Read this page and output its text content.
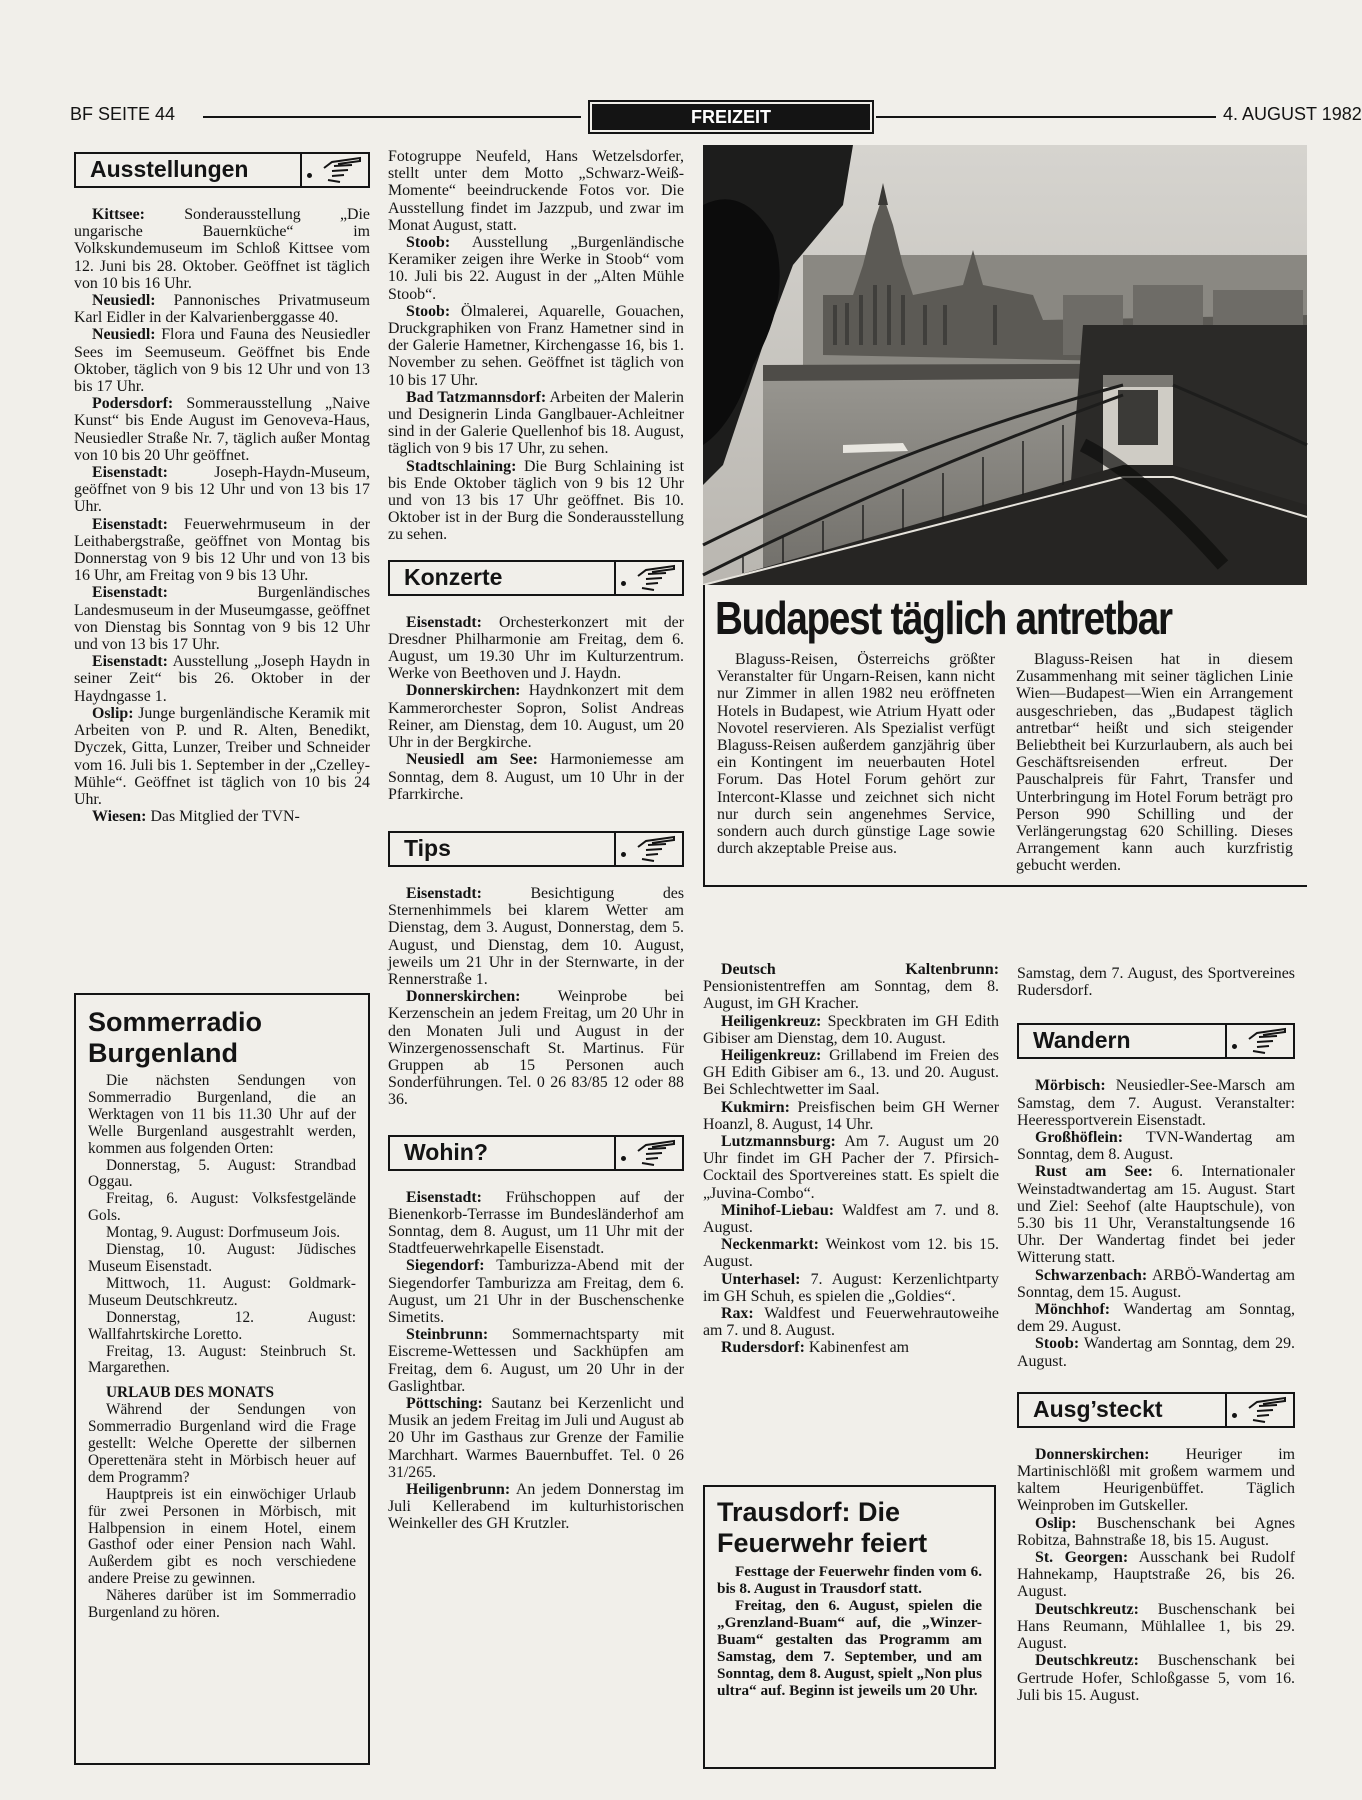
BF SEITE 44	FREIZEIT	4. AUGUST 1982
Ausstellungen

Kittsee: Sonderausstellung „Die ungarische Bauernküche“ im Volkskundemuseum im Schloß Kittsee vom 12. Juni bis 28. Oktober. Geöffnet ist täglich von 10 bis 16 Uhr.

Neusiedl: Pannonisches Privatmuseum Karl Eidler in der Kalvarienberggasse 40.

Neusiedl: Flora und Fauna des Neusiedler Sees im Seemuseum. Geöffnet bis Ende Oktober, täglich von 9 bis 12 Uhr und von 13 bis 17 Uhr.

Podersdorf: Sommerausstellung „Naive Kunst“ bis Ende August im Genoveva-Haus, Neusiedler Straße Nr. 7, täglich außer Montag von 10 bis 20 Uhr geöffnet.

Eisenstadt:	Joseph-Haydn-Museum, geöffnet von 9 bis 12 Uhr und von 13 bis 17 Uhr.

Eisenstadt: Feuerwehrmuseum in der Leithabergstraße, geöffnet von Montag bis Donnerstag von 9 bis 12 Uhr und von 13 bis 16 Uhr, am Freitag von 9 bis 13 Uhr.

Eisenstadt:	Burgenländisches Landesmuseum in der Museumgasse, geöffnet von Dienstag bis Sonntag von 9 bis 12 Uhr und von 13 bis 17 Uhr.

Eisenstadt: Ausstellung „Joseph Haydn in seiner Zeit“ bis 26. Oktober in der Haydngasse 1.

Oslip: Junge burgenländische Keramik mit Arbeiten von P. und R. Alten, Benedikt, Dyczek, Gitta, Lunzer, Treiber und Schneider vom 16. Juli bis 1. September in der „Czelley-Mühle“. Geöffnet ist täglich von 10 bis 24 Uhr.

Wiesen: Das Mitglied der TVN-

Sommerradio Burgenland

Die nächsten Sendungen von Sommerradio Burgenland, die an Werktagen von 11 bis 11.30 Uhr auf der Welle Burgenland ausgestrahlt werden, kommen aus folgenden Orten:

Donnerstag, 5. August: Strandbad Oggau.

Freitag, 6. August: Volksfestgelände Gols.

Montag, 9. August: Dorfmuseum Jois.

Dienstag, 10. August: Jüdisches Museum Eisenstadt.

Mittwoch, 11. August: Goldmark-Museum Deutschkreutz.

Donnerstag, 12. August: Wallfahrtskirche Loretto.

Freitag, 13. August: Steinbruch St. Margarethen.

URLAUB DES MONATS

Während der Sendungen von Sommerradio Burgenland wird die Frage gestellt: Welche Operette der silbernen Operettenära steht in Mörbisch heuer auf dem Programm?

Hauptpreis ist ein einwöchiger Urlaub für zwei Personen in Mörbisch, mit Halbpension in einem Hotel, einem Gasthof oder einer Pension nach Wahl. Außerdem gibt es noch verschiedene andere Preise zu gewinnen.

Näheres darüber ist im Sommerradio Burgenland zu hören.

Fotogruppe Neufeld, Hans Wetzelsdorfer, stellt unter dem Motto „Schwarz-Weiß-Momente“ beeindruckende Fotos vor. Die Ausstellung findet im Jazzpub, und zwar im Monat August, statt.

Stoob: Ausstellung „Burgenländische Keramiker zeigen ihre Werke in Stoob“ vom 10. Juli bis 22. August in der „Alten Mühle Stoob“.

Stoob: Ölmalerei, Aquarelle, Gouachen, Druckgraphiken von Franz Hametner sind in der Galerie Hametner, Kirchengasse 16, bis 1. November zu sehen. Geöffnet ist täglich von 10 bis 17 Uhr.

Bad Tatzmannsdorf: Arbeiten der Malerin und Designerin Linda Ganglbauer-Achleitner sind in der Galerie Quellenhof bis 18. August, täglich von 9 bis 17 Uhr, zu sehen.

Stadtschlaining: Die Burg Schlaining ist bis Ende Oktober täglich von 9 bis 12 Uhr und von 13 bis 17 Uhr geöffnet. Bis 10. Oktober ist in der Burg die Sonderausstellung zu sehen.

Konzerte

Eisenstadt: Orchesterkonzert mit der Dresdner Philharmonie am Freitag, dem 6. August, um 19.30 Uhr im Kulturzentrum. Werke von Beethoven und J. Haydn.

Donnerskirchen: Haydnkonzert mit dem Kammerorchester Sopron, Solist Andreas Reiner, am Dienstag, dem 10. August, um 20 Uhr in der Bergkirche.

Neusiedl am See: Harmoniemesse am Sonntag, dem 8. August, um 10 Uhr in der Pfarrkirche.

Tips

Eisenstadt:	Besichtigung des Sternenhimmels bei klarem Wetter am Dienstag, dem 3. August, Donnerstag, dem 5. August, und Dienstag, dem 10. August, jeweils um 21 Uhr in der Sternwarte, in der Rennerstraße 1.

Donnerskirchen: Weinprobe bei Kerzenschein an jedem Freitag, um 20 Uhr in den Monaten Juli und August in der Winzergenossenschaft St. Martinus. Für Gruppen ab 15 Personen auch Sonderführungen. Tel. 0 26 83/85 12 oder 88 36.

Wohin?

Eisenstadt: Frühschoppen auf der Bienenkorb-Terrasse im Bundesländerhof am Sonntag, dem 8. August, um 11 Uhr mit der Stadtfeuerwehrkapelle Eisenstadt.

Siegendorf: Tamburizza-Abend mit der Siegendorfer Tamburizza am Freitag, dem 6. August, um 21 Uhr in der Buschenschenke Simetits.

Steinbrunn: Sommernachtsparty mit Eiscreme-Wettessen und Sackhüpfen am Freitag, dem 6. August, um 20 Uhr in der Gaslightbar.

Pöttsching: Sautanz bei Kerzenlicht und Musik an jedem Freitag im Juli und August ab 20 Uhr im Gasthaus zur Grenze der Familie Marchhart. Warmes Bauernbuffet. Tel. 0 26 31/265.

Heiligenbrunn: An jedem Donnerstag im Juli Kellerabend im kulturhistorischen Weinkeller des GH Krutzler.

Budapest täglich antretbar

Blaguss-Reisen, Österreichs größter Veranstalter für Ungarn-Reisen, kann nicht nur Zimmer in allen 1982 neu eröffneten Hotels in Budapest, wie Atrium Hyatt oder Novotel reservieren. Als Spezialist verfügt Blaguss-Reisen außerdem ganzjährig über ein Kontingent im neuerbauten Hotel Forum. Das Hotel Forum gehört zur Intercont-Klasse und zeichnet sich nicht nur durch sein angenehmes Service, sondern auch durch günstige Lage sowie durch akzeptable Preise aus.

Blaguss-Reisen hat in diesem Zusammenhang mit seiner täglichen Linie Wien—Budapest—Wien ein Arrangement ausgeschrieben, das „Budapest täglich antretbar“ heißt und sich steigender Beliebtheit bei Kurzurlaubern, als auch bei Geschäftsreisenden erfreut. Der Pauschalpreis für Fahrt, Transfer und Unterbringung im Hotel Forum beträgt pro Person 990 Schilling und der Verlängerungstag 620 Schilling. Dieses Arrangement kann auch kurzfristig gebucht werden.

Deutsch Kaltenbrunn: Pensionistentreffen am Sonntag, dem 8. August, im GH Kracher.

Heiligenkreuz: Speckbraten im GH Edith Gibiser am Dienstag, dem 10. August.

Heiligenkreuz: Grillabend im Freien des GH Edith Gibiser am 6., 13. und 20. August. Bei Schlechtwetter im Saal.

Kukmirn: Preisfischen beim GH Werner Hoanzl, 8. August, 14 Uhr.

Lutzmannsburg: Am 7. August um 20 Uhr findet im GH Pacher der 7. Pfirsich-Cocktail des Sportvereines statt. Es spielt die „Juvina-Combo“.

Minihof-Liebau: Waldfest am 7. und 8. August.

Neckenmarkt: Weinkost vom 12. bis 15. August.

Unterhasel: 7. August: Kerzenlichtparty im GH Schuh, es spielen die „Goldies“.

Rax: Waldfest und Feuerwehrautoweihe am 7. und 8. August.

Rudersdorf: Kabinenfest am

Trausdorf: Die Feuerwehr feiert

Festtage der Feuerwehr finden vom 6. bis 8. August in Trausdorf statt.

Freitag, den 6. August, spielen die „Grenzland-Buam“ auf, die „Winzer-Buam“ gestalten das Programm am Samstag, dem 7. September, und am Sonntag, dem 8. August, spielt „Non plus ultra“ auf. Beginn ist jeweils um 20 Uhr.

Samstag, dem 7. August, des Sportvereines Rudersdorf.

Wandern

Mörbisch: Neusiedler-See-Marsch am Samstag, dem 7. August. Veranstalter: Heeressportverein Eisenstadt.

Großhöflein: TVN-Wandertag am Sonntag, dem 8. August.

Rust am See: 6. Internationaler Weinstadtwandertag am 15. August. Start und Ziel: Seehof (alte Hauptschule), von 5.30 bis 11 Uhr, Veranstaltungsende 16 Uhr. Der Wandertag findet bei jeder Witterung statt.

Schwarzenbach: ARBÖ-Wandertag am Sonntag, dem 15. August.

Mönchhof: Wandertag am Sonntag, dem 29. August.

Stoob: Wandertag am Sonntag, dem 29. August.

Ausg’steckt

Donnerskirchen: Heuriger im Martinischlößl mit großem warmem und kaltem Heurigenbüffet. Täglich Weinproben im Gutskeller.

Oslip: Buschenschank bei Agnes Robitza, Bahnstraße 18, bis 15. August.

St. Georgen: Ausschank bei Rudolf Hahnekamp, Hauptstraße 26, bis 26. August.

Deutschkreutz: Buschenschank bei Hans Reumann, Mühlallee 1, bis 29. August.

Deutschkreutz: Buschenschank bei Gertrude Hofer, Schloßgasse 5, vom 16. Juli bis 15. August.
